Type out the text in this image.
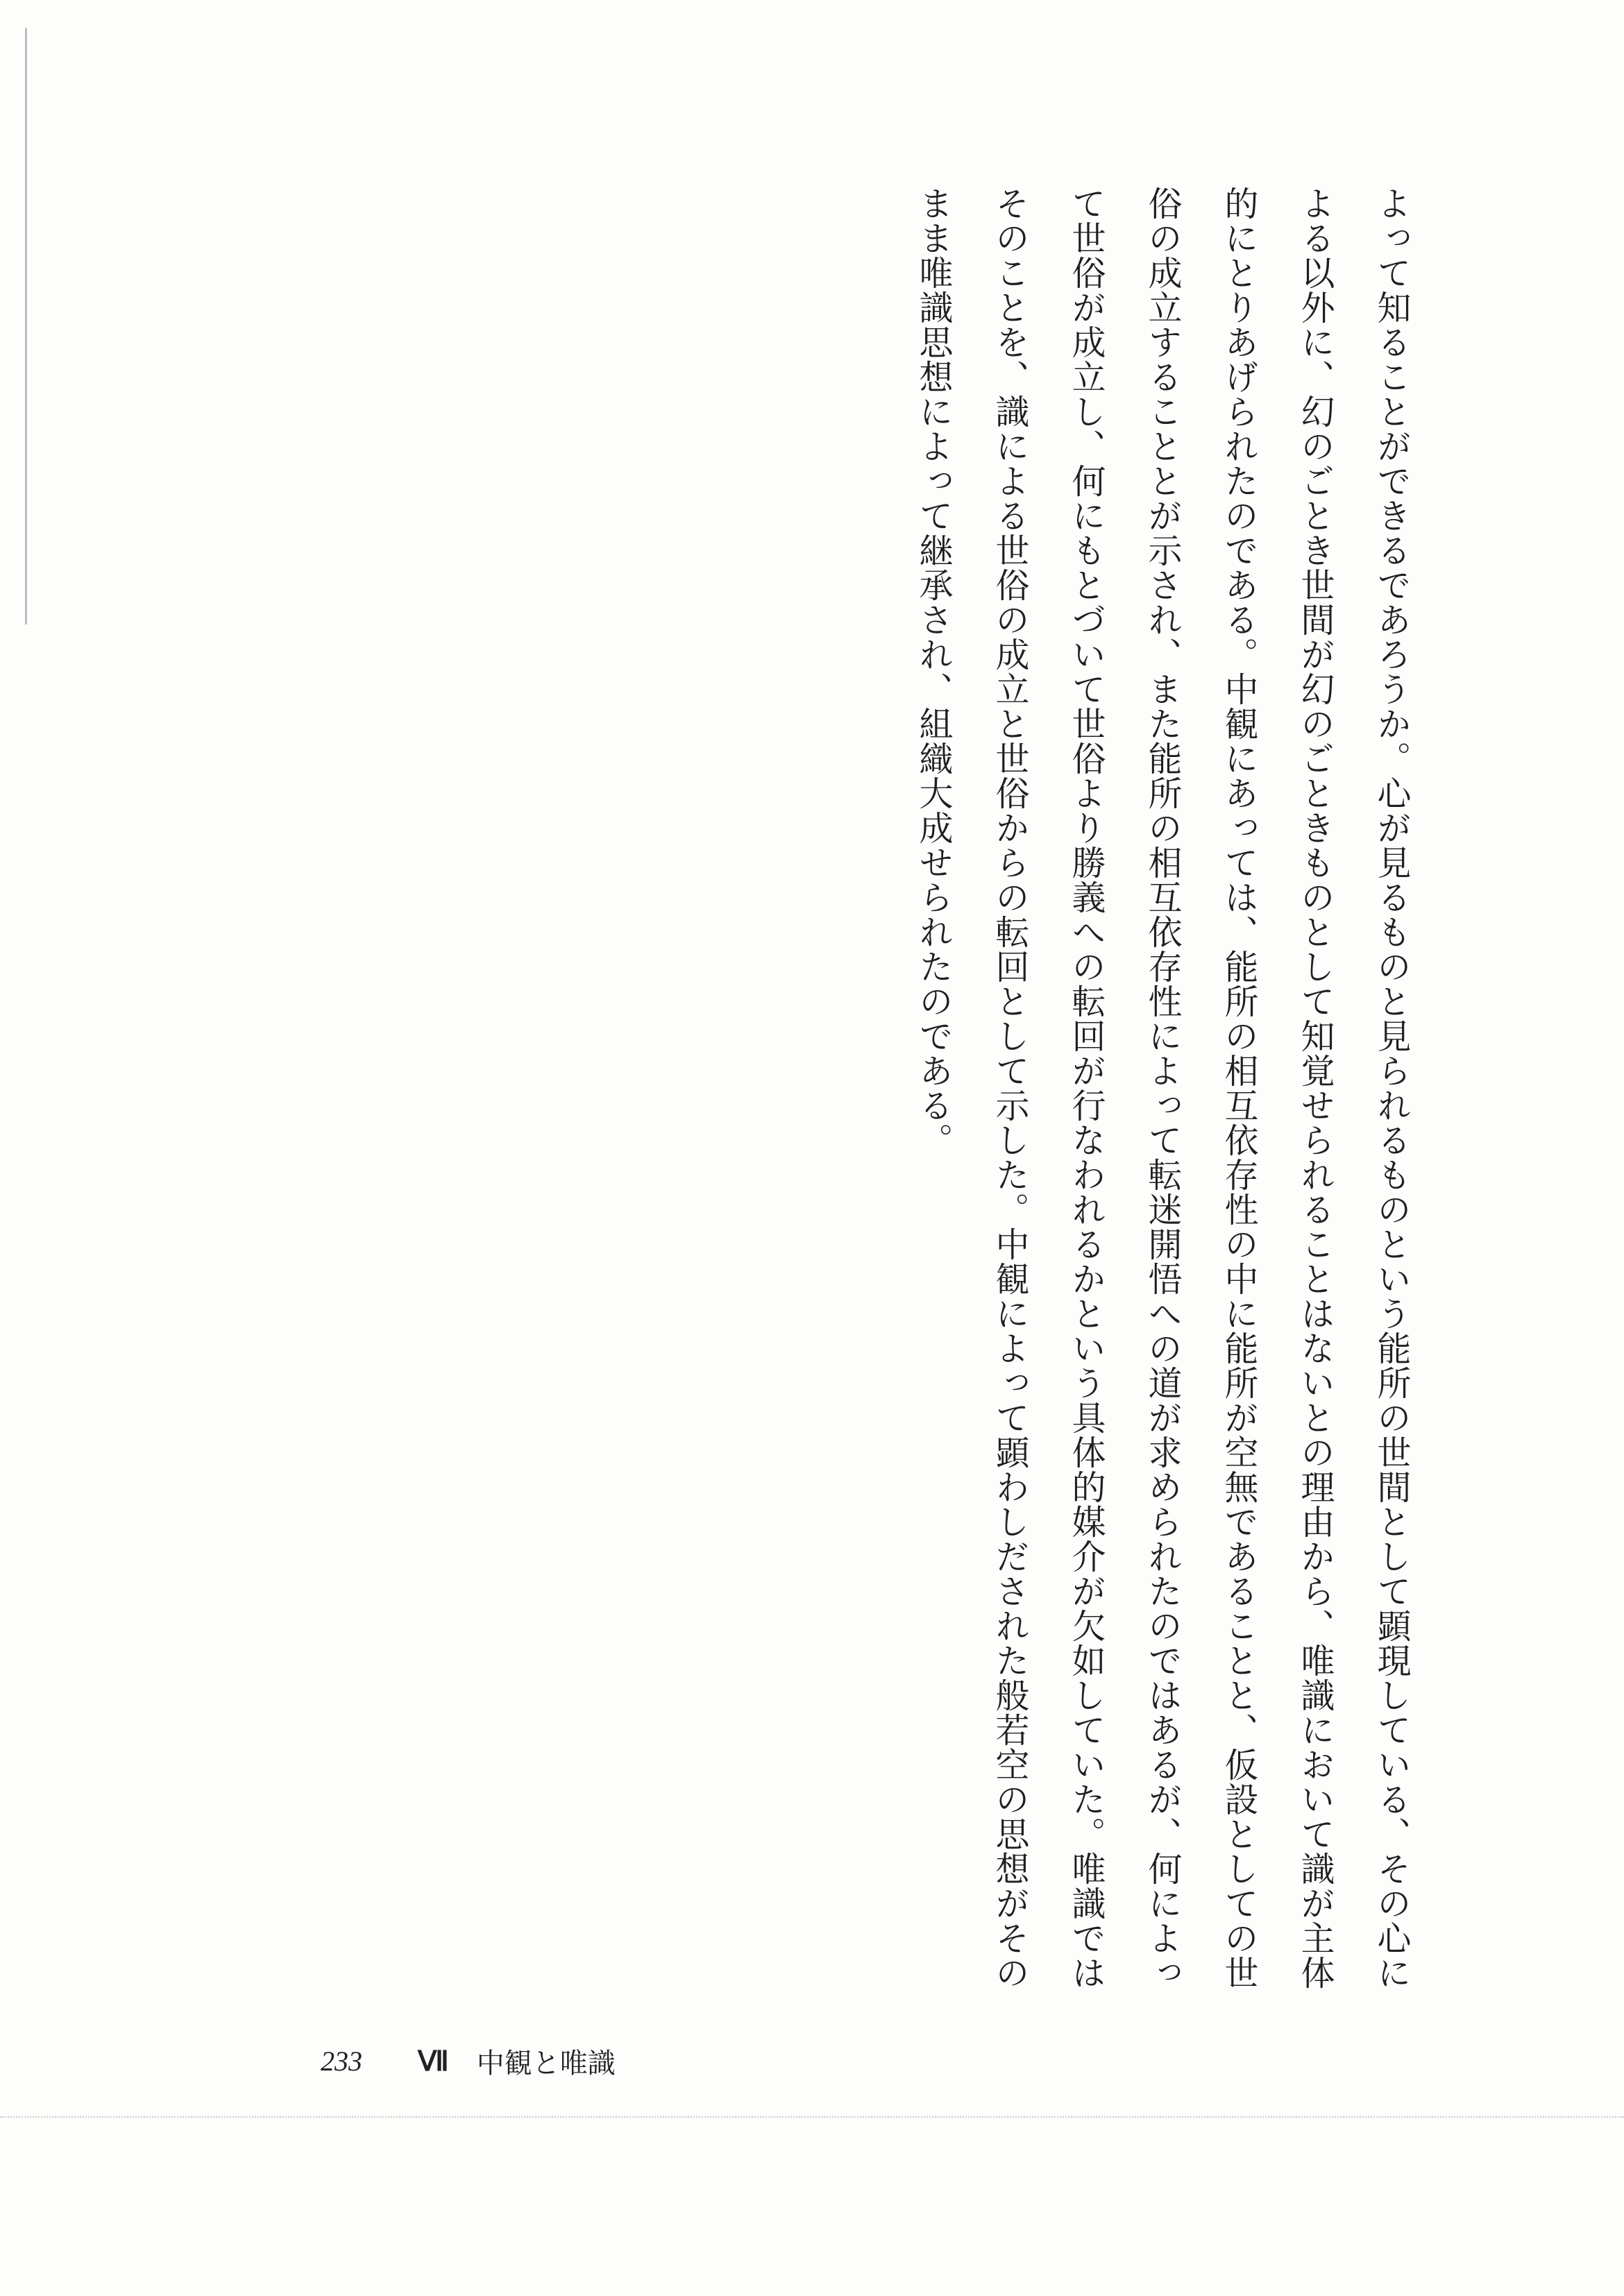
よって知ることができるであろうか。心が見るものと見られるものという能所の世間として顕現している、その心に
よる以外に、幻のごとき世間が幻のごときものとして知覚せられることはないとの理由から、唯識において識が主体
的にとりあげられたのである。中観にあっては、能所の相互依存性の中に能所が空無であることと、仮設としての世
俗の成立することとが示され、また能所の相互依存性によって転迷開悟への道が求められたのではあるが、何によっ
て世俗が成立し、何にもとづいて世俗より勝義への転回が行なわれるかという具体的媒介が欠如していた。唯識では
そのことを、識による世俗の成立と世俗からの転回として示した。中観によって顕わしだされた般若空の思想がその
まま唯識思想によって継承され、組織大成せられたのである。
233 Ⅶ 中観と唯識
